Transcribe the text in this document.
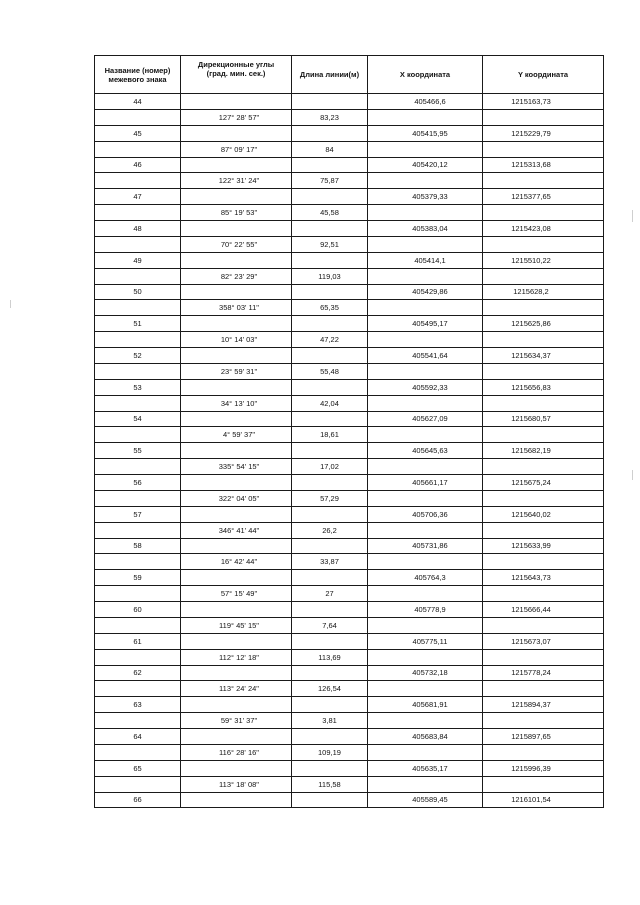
Название (номер)
межевого знака	Дирекционные углы
(град. мин. сек.)	Длина линии(м)	X координата	Y координата
44			405466,6	1215163,73
	127° 28' 57"	83,23		
45			405415,95	1215229,79
	87° 09' 17"	84		
46			405420,12	1215313,68
	122° 31' 24"	75,87		
47			405379,33	1215377,65
	85° 19' 53"	45,58		
48			405383,04	1215423,08
	70° 22' 55"	92,51		
49			405414,1	1215510,22
	82° 23' 29"	119,03		
50			405429,86	1215628,2
	358° 03' 11"	65,35		
51			405495,17	1215625,86
	10° 14' 03"	47,22		
52			405541,64	1215634,37
	23° 59' 31"	55,48		
53			405592,33	1215656,83
	34° 13' 10"	42,04		
54			405627,09	1215680,57
	4° 59' 37"	18,61		
55			405645,63	1215682,19
	335° 54' 15"	17,02		
56			405661,17	1215675,24
	322° 04' 05"	57,29		
57			405706,36	1215640,02
	346° 41' 44"	26,2		
58			405731,86	1215633,99
	16° 42' 44"	33,87		
59			405764,3	1215643,73
	57° 15' 49"	27		
60			405778,9	1215666,44
	119° 45' 15"	7,64		
61			405775,11	1215673,07
	112° 12' 18"	113,69		
62			405732,18	1215778,24
	113° 24' 24"	126,54		
63			405681,91	1215894,37
	59° 31' 37"	3,81		
64			405683,84	1215897,65
	116° 28' 16"	109,19		
65			405635,17	1215996,39
	113° 18' 08"	115,58		
66			405589,45	1216101,54
